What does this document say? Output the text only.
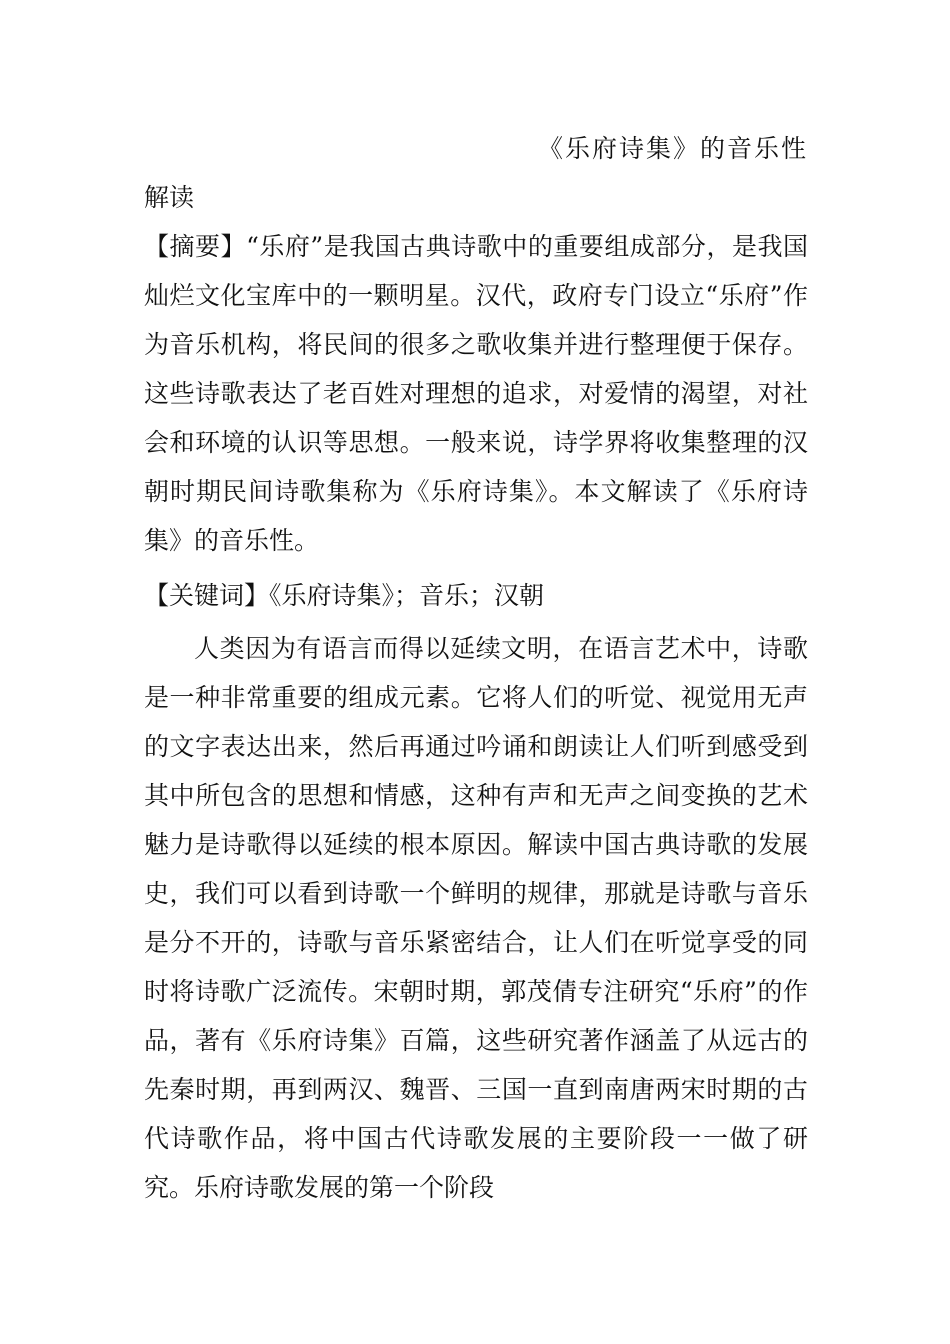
《乐府诗集》的音乐性
解读
【摘要】“乐府”是我国古典诗歌中的重要组成部分，是我国灿烂文化宝库中的一颗明星。汉代，政府专门设立“乐府”作为音乐机构，将民间的很多之歌收集并进行整理便于保存。这些诗歌表达了老百姓对理想的追求，对爱情的渴望，对社会和环境的认识等思想。一般来说，诗学界将收集整理的汉朝时期民间诗歌集称为《乐府诗集》。本文解读了《乐府诗集》的音乐性。
【关键词】《乐府诗集》；音乐；汉朝
人类因为有语言而得以延续文明，在语言艺术中，诗歌是一种非常重要的组成元素。它将人们的听觉、视觉用无声的文字表达出来，然后再通过吟诵和朗读让人们听到感受到其中所包含的思想和情感，这种有声和无声之间变换的艺术魅力是诗歌得以延续的根本原因。解读中国古典诗歌的发展史，我们可以看到诗歌一个鲜明的规律，那就是诗歌与音乐是分不开的，诗歌与音乐紧密结合，让人们在听觉享受的同时将诗歌广泛流传。宋朝时期，郭茂倩专注研究“乐府”的作品，著有《乐府诗集》百篇，这些研究著作涵盖了从远古的先秦时期，再到两汉、魏晋、三国一直到南唐两宋时期的古代诗歌作品，将中国古代诗歌发展的主要阶段一一做了研究。乐府诗歌发展的第一个阶段
